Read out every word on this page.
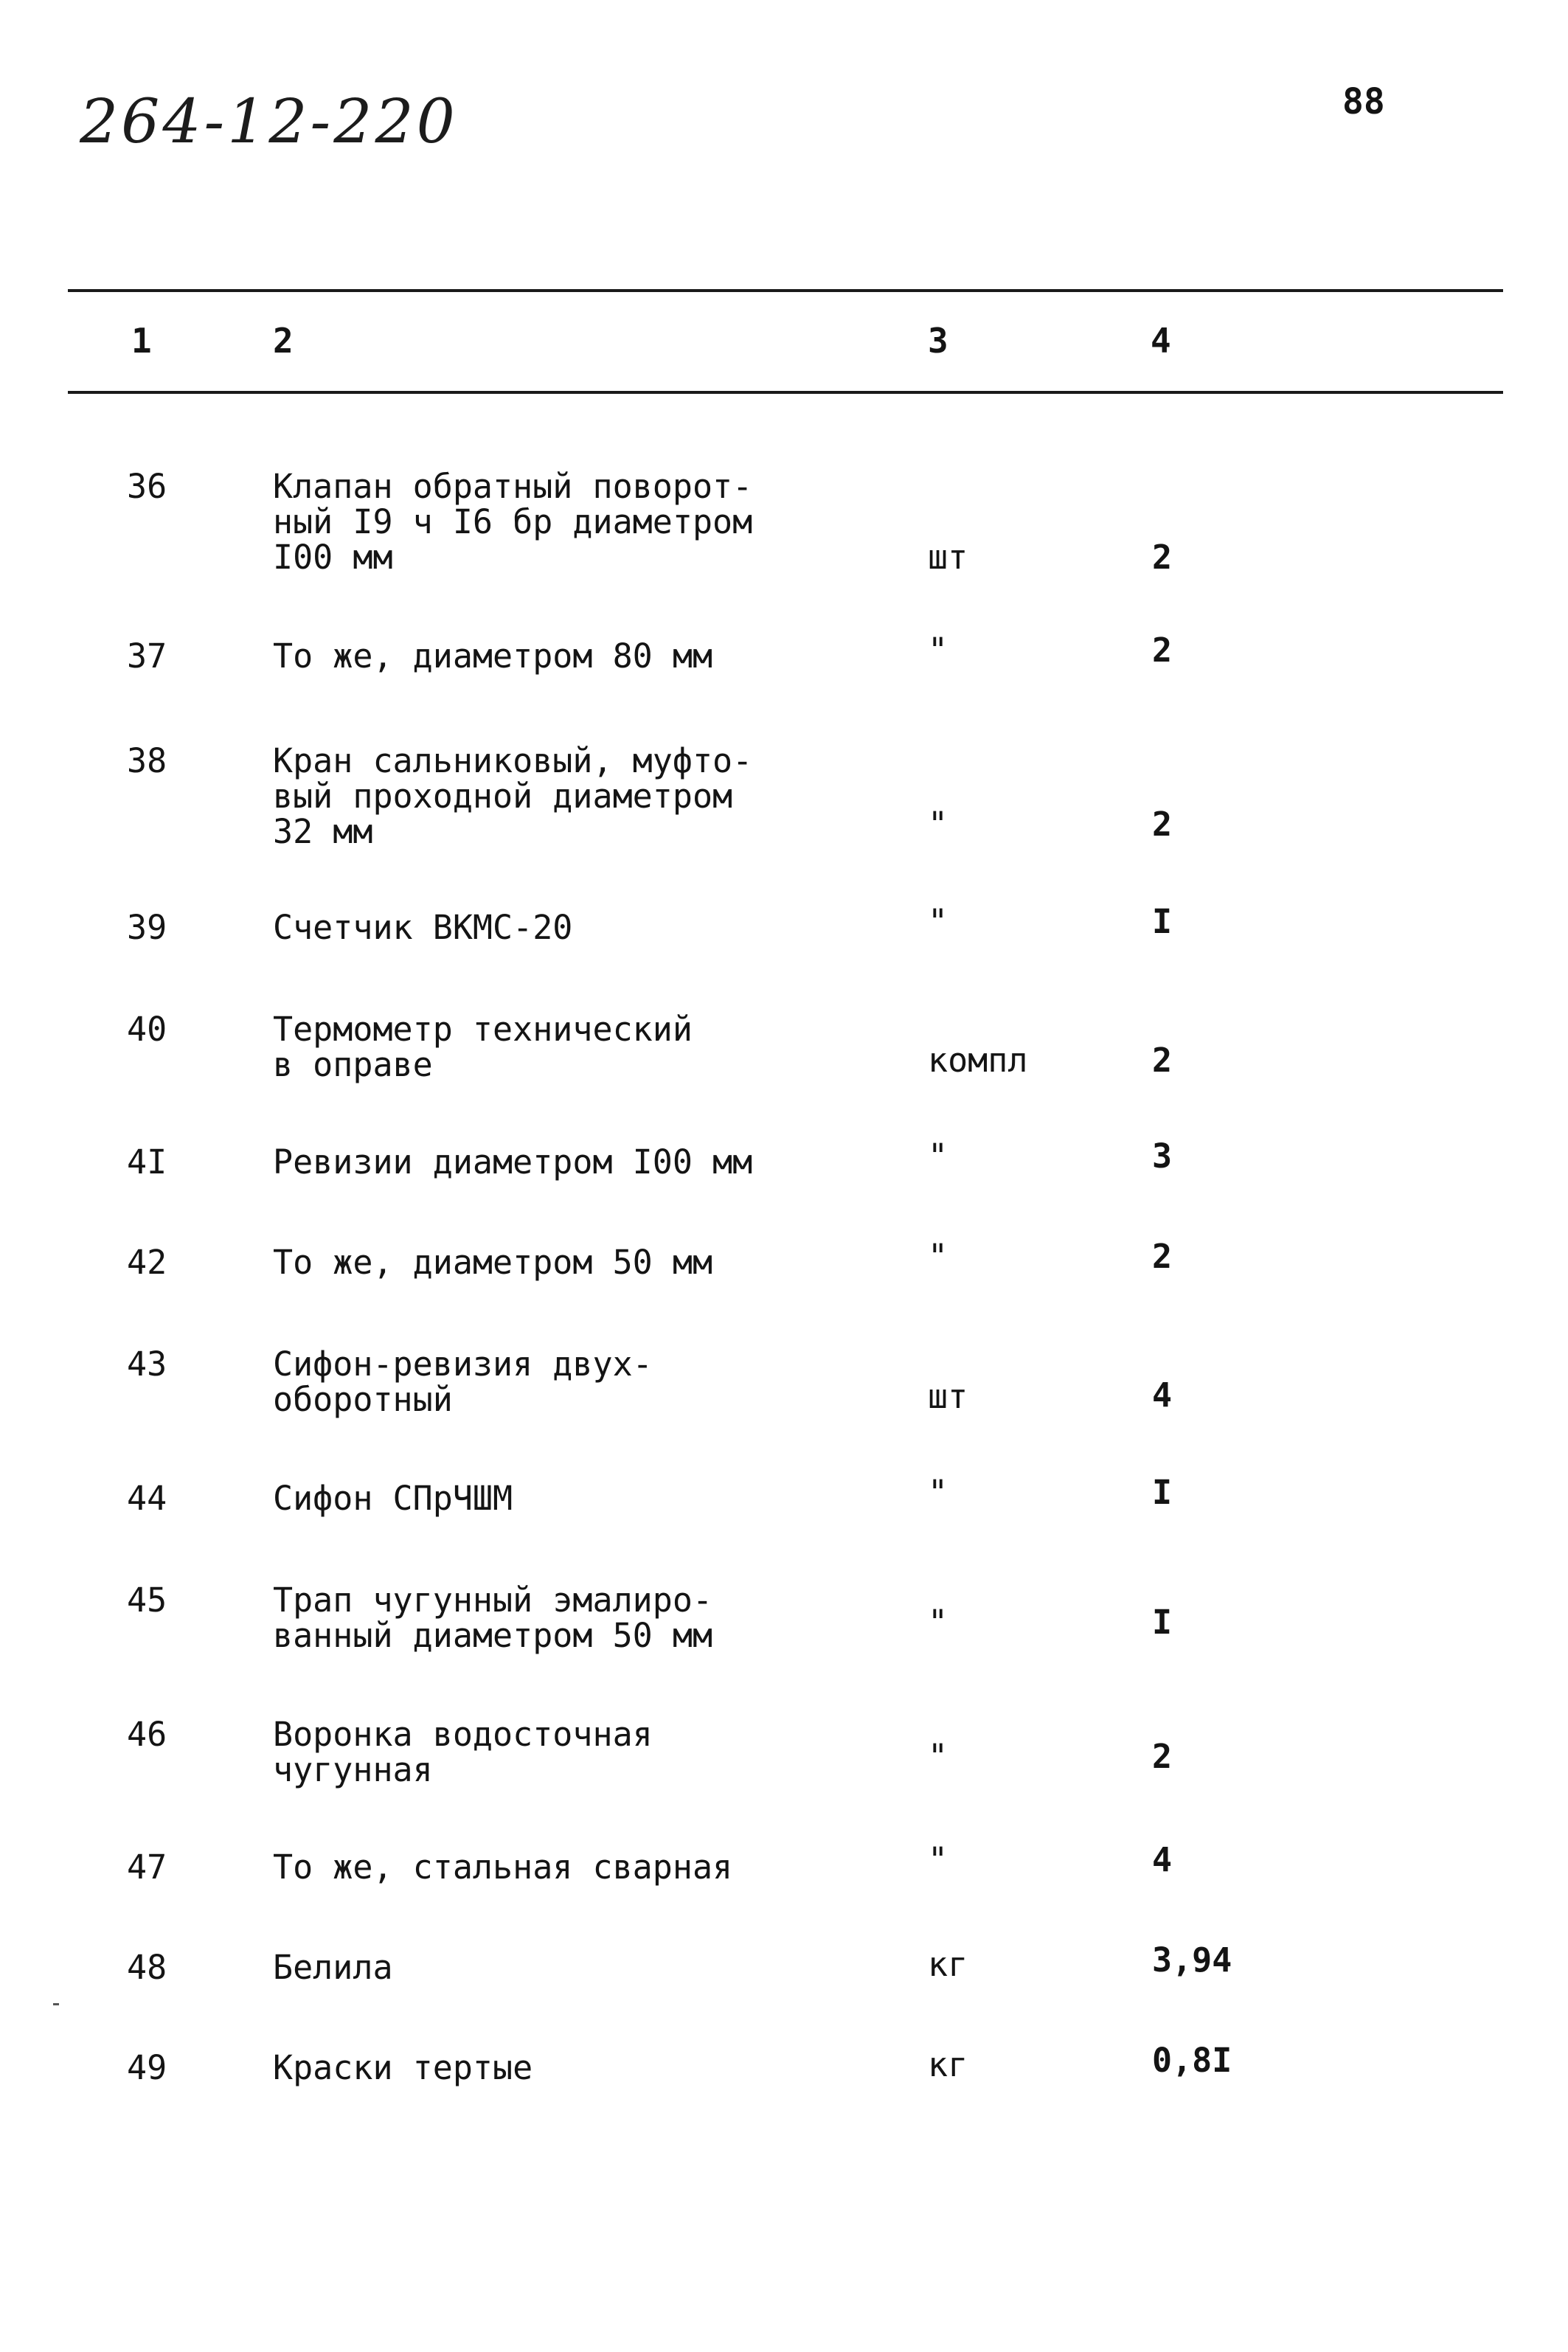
264-12-220	88
1	2	3	4
36	Клапан обратный поворот-
ный I9 ч I6 бр диаметром
I00 мм	шт	2
37	То же, диаметром 80 мм	"	2
38	Кран сальниковый, муфто-
вый проходной диаметром
32 мм	"	2
39	Счетчик ВКМС-20	"	I
40	Термометр технический
в оправе	компл	2
4I	Ревизии диаметром I00 мм	"	3
42	То же, диаметром 50 мм	"	2
43	Сифон-ревизия двух-
оборотный	шт	4
44	Сифон СПрЧШМ	"	I
45	Трап чугунный эмалиро-
ванный диаметром 50 мм	"	I
46	Воронка водосточная
чугунная	"	2
47	То же, стальная сварная	"	4
48	Белила	кг	3,94
49	Краски тертые	кг	0,8I
